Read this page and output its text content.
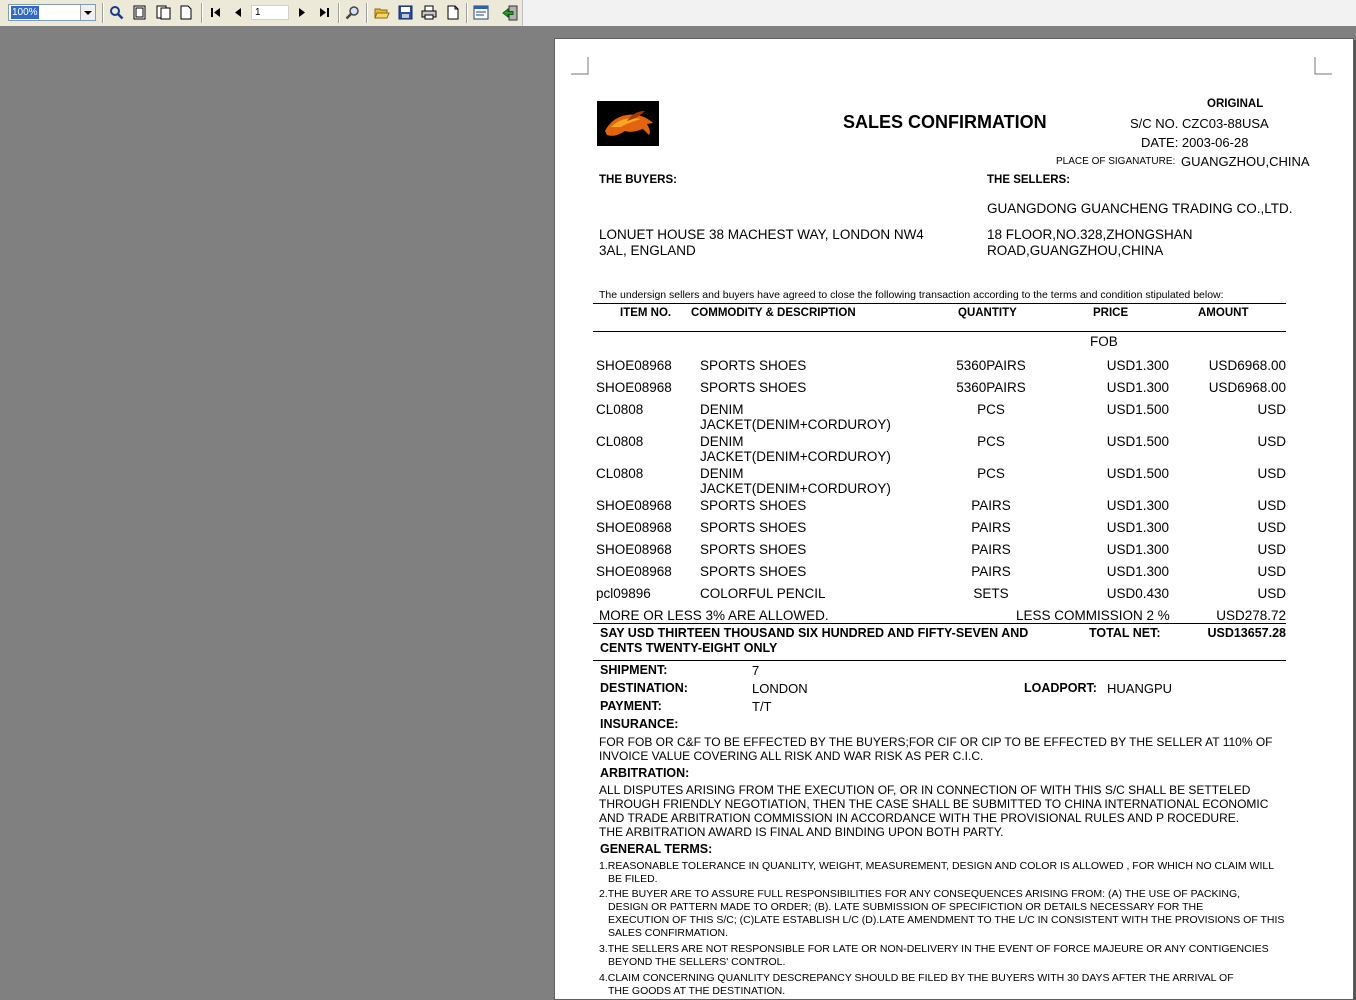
100%	1
SALES CONFIRMATION
ORIGINAL
S/C NO. CZC03-88USA
DATE: 2003-06-28
PLACE OF SIGANATURE: GUANGZHOU,CHINA
THE BUYERS:
LONUET HOUSE 38 MACHEST WAY, LONDON NW4
3AL, ENGLAND
THE SELLERS:
GUANGDONG GUANCHENG TRADING CO.,LTD.
18 FLOOR,NO.328,ZHONGSHAN
ROAD,GUANGZHOU,CHINA
The undersign sellers and buyers have agreed to close the following transaction according to the terms and condition stipulated below:
ITEM NO. COMMODITY & DESCRIPTION	QUANTITY	PRICE	AMOUNT
FOB
SHOE08968 SPORTS SHOES	5360PAIRS	USD1.300	USD6968.00
SHOE08968 SPORTS SHOES	5360PAIRS	USD1.300	USD6968.00
CL0808	DENIM	PCS	USD1.500	USD
JACKET(DENIM+CORDUROY)
CL0808	DENIM	PCS	USD1.500	USD
JACKET(DENIM+CORDUROY)
CL0808	DENIM	PCS	USD1.500	USD
JACKET(DENIM+CORDUROY)
SHOE08968 SPORTS SHOES	PAIRS	USD1.300	USD
SHOE08968 SPORTS SHOES	PAIRS	USD1.300	USD
SHOE08968 SPORTS SHOES	PAIRS	USD1.300	USD
SHOE08968 SPORTS SHOES	PAIRS	USD1.300	USD
pcl09896	COLORFUL PENCIL	SETS	USD0.430	USD
MORE OR LESS 3% ARE ALLOWED.	LESS COMMISSION 2 %	USD278.72
SAY USD THIRTEEN THOUSAND SIX HUNDRED AND FIFTY-SEVEN AND
CENTS TWENTY-EIGHT ONLY
TOTAL NET:	USD13657.28
SHIPMENT:	7
DESTINATION:	LONDON	LOADPORT: HUANGPU
PAYMENT:	T/T
INSURANCE:
FOR FOB OR C&F TO BE EFFECTED BY THE BUYERS;FOR CIF OR CIP TO BE EFFECTED BY THE SELLER AT 110% OF
INVOICE VALUE COVERING ALL RISK AND WAR RISK AS PER C.I.C.
ARBITRATION:
ALL DISPUTES ARISING FROM THE EXECUTION OF, OR IN CONNECTION OF WITH THIS S/C SHALL BE SETTELED
THROUGH FRIENDLY NEGOTIATION, THEN THE CASE SHALL BE SUBMITTED TO CHINA INTERNATIONAL ECONOMIC
AND TRADE ARBITRATION COMMISSION IN ACCORDANCE WITH THE PROVISIONAL RULES AND P ROCEDURE.
THE ARBITRATION AWARD IS FINAL AND BINDING UPON BOTH PARTY.
GENERAL TERMS:
1.REASONABLE TOLERANCE IN QUANLITY, WEIGHT, MEASUREMENT, DESIGN AND COLOR IS ALLOWED , FOR WHICH NO CLAIM WILL
BE FILED.
2.THE BUYER ARE TO ASSURE FULL RESPONSIBILITIES FOR ANY CONSEQUENCES ARISING FROM: (A) THE USE OF PACKING,
DESIGN OR PATTERN MADE TO ORDER; (B). LATE SUBMISSION OF SPECIFICTION OR DETAILS NECESSARY FOR THE
EXECUTION OF THIS S/C; (C)LATE ESTABLISH L/C (D).LATE AMENDMENT TO THE L/C IN CONSISTENT WITH THE PROVISIONS OF THIS
SALES CONFIRMATION.
3.THE SELLERS ARE NOT RESPONSIBLE FOR LATE OR NON-DELIVERY IN THE EVENT OF FORCE MAJEURE OR ANY CONTIGENCIES
BEYOND THE SELLERS' CONTROL.
4.CLAIM CONCERNING QUANLITY DESCREPANCY SHOULD BE FILED BY THE BUYERS WITH 30 DAYS AFTER THE ARRIVAL OF
THE GOODS AT THE DESTINATION.
